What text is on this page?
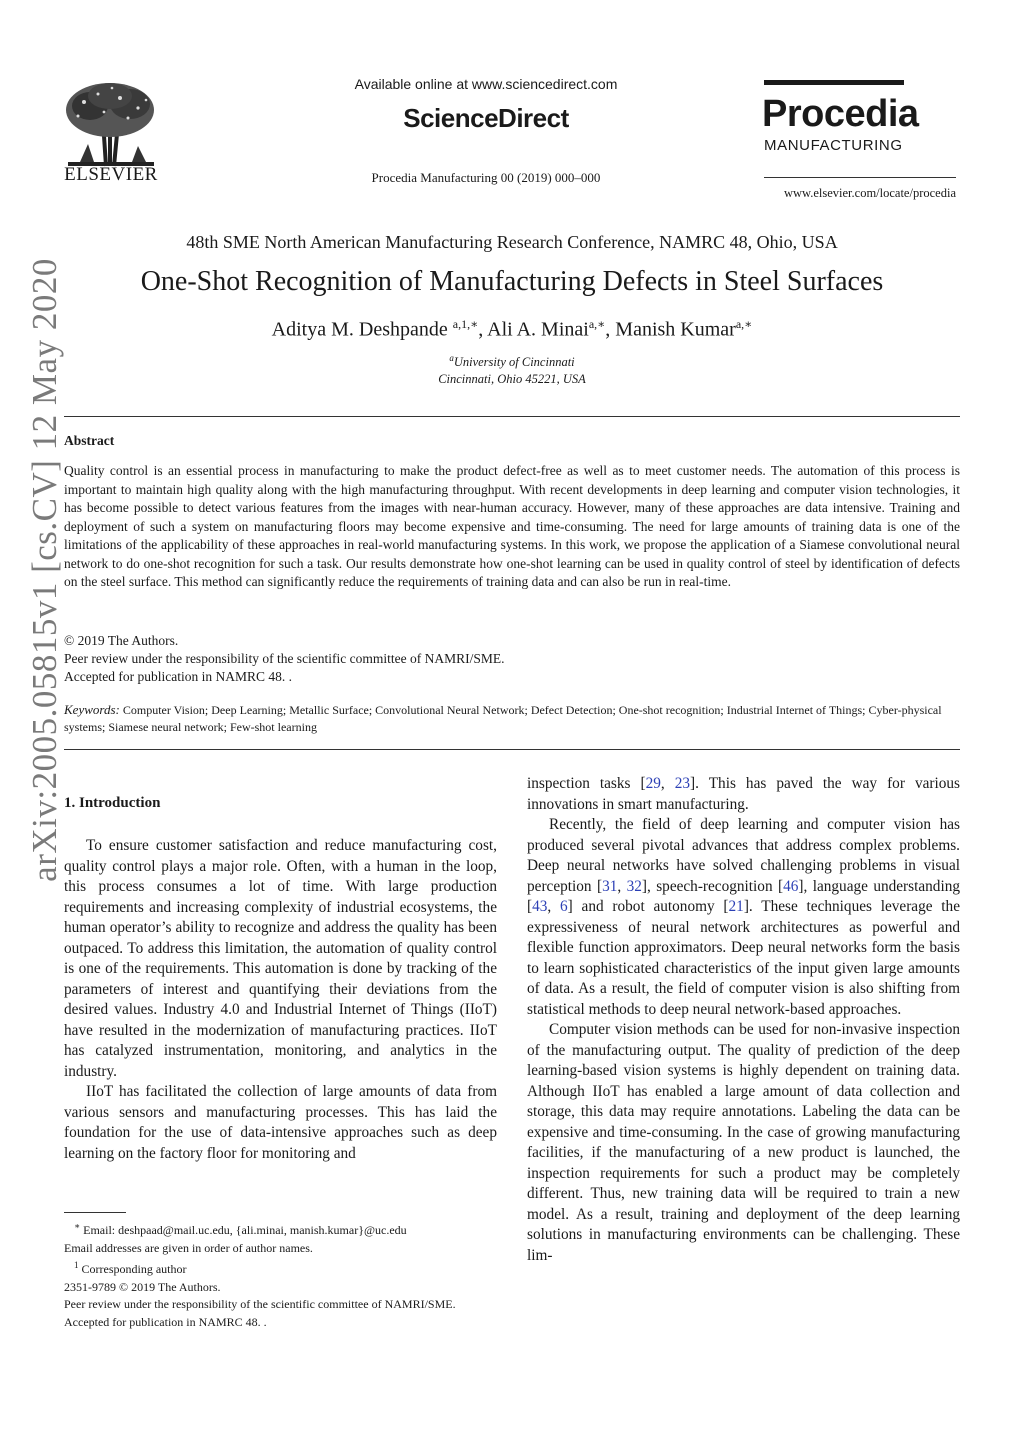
arXiv:2005.05815v1 [cs.CV] 12 May 2020
ELSEVIER
Available online at www.sciencedirect.com
ScienceDirect
Procedia Manufacturing 00 (2019) 000–000
Procedia
MANUFACTURING
www.elsevier.com/locate/procedia
48th SME North American Manufacturing Research Conference, NAMRC 48, Ohio, USA
One-Shot Recognition of Manufacturing Defects in Steel Surfaces
Aditya M. Deshpande $^{a,1,∗}$, Ali A. Minai$^{a,∗}$, Manish Kumar$^{a,∗}$
$^a$University of Cincinnati
Cincinnati, Ohio 45221, USA
Abstract

Quality control is an essential process in manufacturing to make the product defect-free as well as to meet customer needs. The automation of this process is important to maintain high quality along with the high manufacturing throughput. With recent developments in deep learning and computer vision technologies, it has become possible to detect various features from the images with near-human accuracy. However, many of these approaches are data intensive. Training and deployment of such a system on manufacturing floors may become expensive and time-consuming. The need for large amounts of training data is one of the limitations of the applicability of these approaches in real-world manufacturing systems. In this work, we propose the application of a Siamese convolutional neural network to do one-shot recognition for such a task. Our results demonstrate how one-shot learning can be used in quality control of steel by identification of defects on the steel surface. This method can significantly reduce the requirements of training data and can also be run in real-time.

© 2019 The Authors.
Peer review under the responsibility of the scientific committee of NAMRI/SME.
Accepted for publication in NAMRC 48. .

Keywords: Computer Vision; Deep Learning; Metallic Surface; Convolutional Neural Network; Defect Detection; One-shot recognition; Industrial Internet of Things; Cyber-physical systems; Siamese neural network; Few-shot learning

1. Introduction

To ensure customer satisfaction and reduce manufacturing cost, quality control plays a major role. Often, with a human in the loop, this process consumes a lot of time. With large production requirements and increasing complexity of industrial ecosystems, the human operator’s ability to recognize and address the quality has been outpaced. To address this limitation, the automation of quality control is one of the requirements. This automation is done by tracking of the parameters of interest and quantifying their deviations from the desired values. Industry 4.0 and Industrial Internet of Things (IIoT) have resulted in the modernization of manufacturing practices. IIoT has catalyzed instrumentation, monitoring, and analytics in the industry.

IIoT has facilitated the collection of large amounts of data from various sensors and manufacturing processes. This has laid the foundation for the use of data-intensive approaches such as deep learning on the factory floor for monitoring and

inspection tasks [29, 23]. This has paved the way for various innovations in smart manufacturing.

Recently, the field of deep learning and computer vision has produced several pivotal advances that address complex problems. Deep neural networks have solved challenging problems in visual perception [31, 32], speech-recognition [46], language understanding [43, 6] and robot autonomy [21]. These techniques leverage the expressiveness of neural network architectures as powerful and flexible function approximators. Deep neural networks form the basis to learn sophisticated characteristics of the input given large amounts of data. As a result, the field of computer vision is also shifting from statistical methods to deep neural network-based approaches.

Computer vision methods can be used for non-invasive inspection of the manufacturing output. The quality of prediction of the deep learning-based vision systems is highly dependent on training data. Although IIoT has enabled a large amount of data collection and storage, this data may require annotations. Labeling the data can be expensive and time-consuming. In the case of growing manufacturing facilities, if the manufacturing of a new product is launched, the inspection requirements for such a product may be completely different. Thus, new training data will be required to train a new model. As a result, training and deployment of the deep learning solutions in manufacturing environments can be challenging. These lim-

∗ Email: deshpaad@mail.uc.edu, {ali.minai, manish.kumar}@uc.edu
Email addresses are given in order of author names.
$^1$ Corresponding author
2351-9789 © 2019 The Authors.
Peer review under the responsibility of the scientific committee of NAMRI/SME.
Accepted for publication in NAMRC 48. .
